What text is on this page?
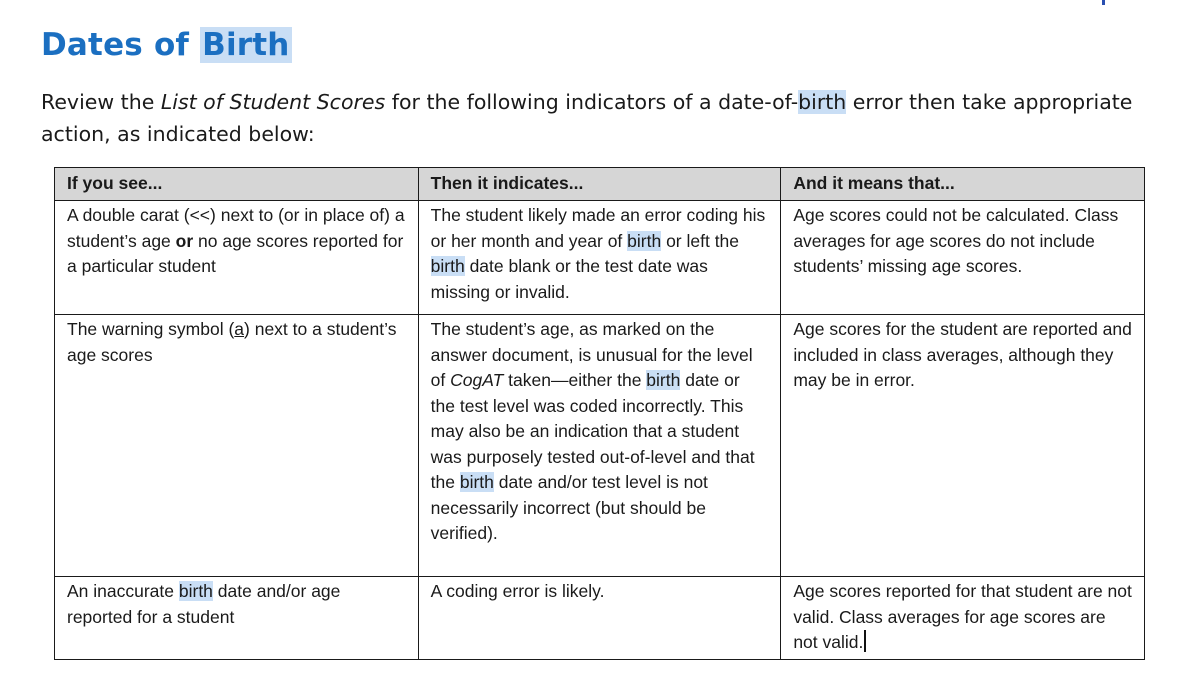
Dates of Birth

Review the List of Student Scores for the following indicators of a date-of-birth error then take appropriate action, as indicated below:

If you see...	Then it indicates...	And it means that...
A double carat (<<) next to (or in place of) a student’s age or no age scores reported for a particular student	The student likely made an error coding his or her month and year of birth or left the birth date blank or the test date was missing or invalid.	Age scores could not be calculated. Class averages for age scores do not include students’ missing age scores.
The warning symbol (a) next to a student’s age scores	The student’s age, as marked on the answer document, is unusual for the level of CogAT taken—either the birth date or the test level was coded incorrectly. This may also be an indication that a student was purposely tested out-of-level and that the birth date and/or test level is not necessarily incorrect (but should be verified).	Age scores for the student are reported and included in class averages, although they may be in error.
An inaccurate birth date and/or age reported for a student	A coding error is likely.	Age scores reported for that student are not valid. Class averages for age scores are not valid.
